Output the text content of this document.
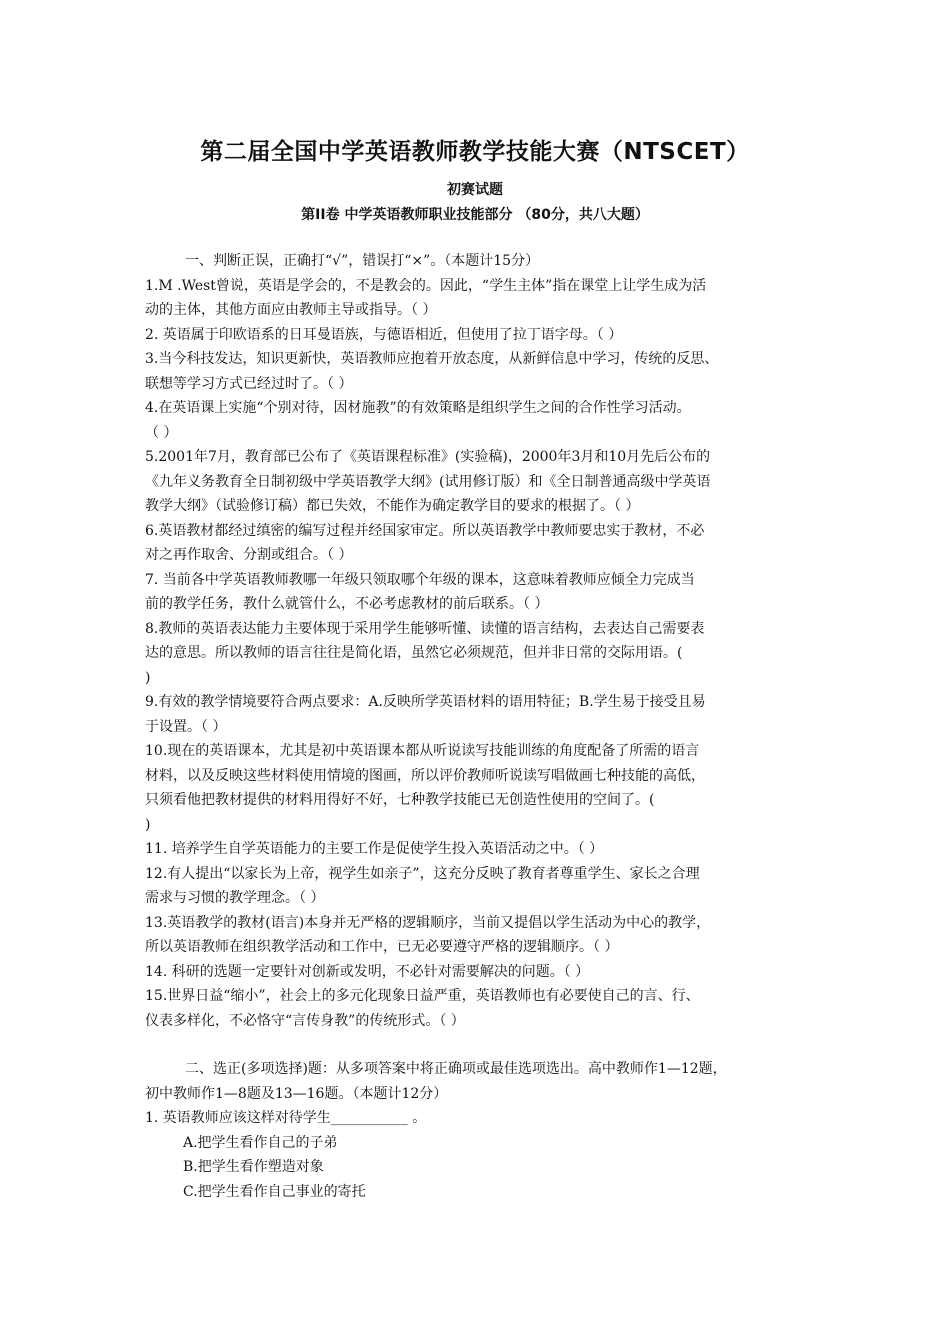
第二届全国中学英语教师教学技能大赛（NTSCET）
初赛试题
第II卷 中学英语教师职业技能部分 （80分，共八大题）
一、判断正误，正确打“√”，错误打“×”。（本题计15分）
1.M .West曾说，英语是学会的，不是教会的。因此，“学生主体”指在课堂上让学生成为活
动的主体，其他方面应由教师主导或指导。（ ）
2. 英语属于印欧语系的日耳曼语族，与德语相近，但使用了拉丁语字母。（ ）
3.当今科技发达，知识更新快，英语教师应抱着开放态度，从新鲜信息中学习，传统的反思、
联想等学习方式已经过时了。（ ）
4.在英语课上实施“个别对待，因材施教”的有效策略是组织学生之间的合作性学习活动。
（ ）
5.2001年7月，教育部已公布了《英语课程标准》(实验稿)，2000年3月和10月先后公布的
《九年义务教育全日制初级中学英语教学大纲》(试用修订版）和《全日制普通高级中学英语
教学大纲》（试验修订稿）都已失效，不能作为确定教学目的要求的根据了。（ ）
6.英语教材都经过缜密的编写过程并经国家审定。所以英语教学中教师要忠实于教材，不必
对之再作取舍、分割或组合。（ ）
7. 当前各中学英语教师教哪一年级只领取哪个年级的课本，这意味着教师应倾全力完成当
前的教学任务，教什么就管什么，不必考虑教材的前后联系。（ ）
8.教师的英语表达能力主要体现于采用学生能够听懂、读懂的语言结构，去表达自己需要表
达的意思。所以教师的语言往往是简化语，虽然它必须规范，但并非日常的交际用语。(
)
9.有效的教学情境要符合两点要求：A.反映所学英语材料的语用特征；B.学生易于接受且易
于设置。（ ）
10.现在的英语课本，尤其是初中英语课本都从听说读写技能训练的角度配备了所需的语言
材料，以及反映这些材料使用情境的图画，所以评价教师听说读写唱做画七种技能的高低，
只须看他把教材提供的材料用得好不好，七种教学技能已无创造性使用的空间了。(
)
11. 培养学生自学英语能力的主要工作是促使学生投入英语活动之中。（ ）
12.有人提出“以家长为上帝，视学生如亲子”，这充分反映了教育者尊重学生、家长之合理
需求与习惯的教学理念。（ ）
13.英语教学的教材(语言)本身并无严格的逻辑顺序，当前又提倡以学生活动为中心的教学，
所以英语教师在组织教学活动和工作中，已无必要遵守严格的逻辑顺序。（ ）
14. 科研的选题一定要针对创新或发明，不必针对需要解决的问题。（ ）
15.世界日益“缩小”，社会上的多元化现象日益严重，英语教师也有必要使自己的言、行、
仪表多样化，不必恪守“言传身教”的传统形式。（ ）
二、选正(多项选择)题：从多项答案中将正确项或最佳选项选出。高中教师作1—12题，
初中教师作1—8题及13—16题。（本题计12分）
1. 英语教师应该这样对待学生___________ 。
A.把学生看作自己的子弟
B.把学生看作塑造对象
C.把学生看作自己事业的寄托
